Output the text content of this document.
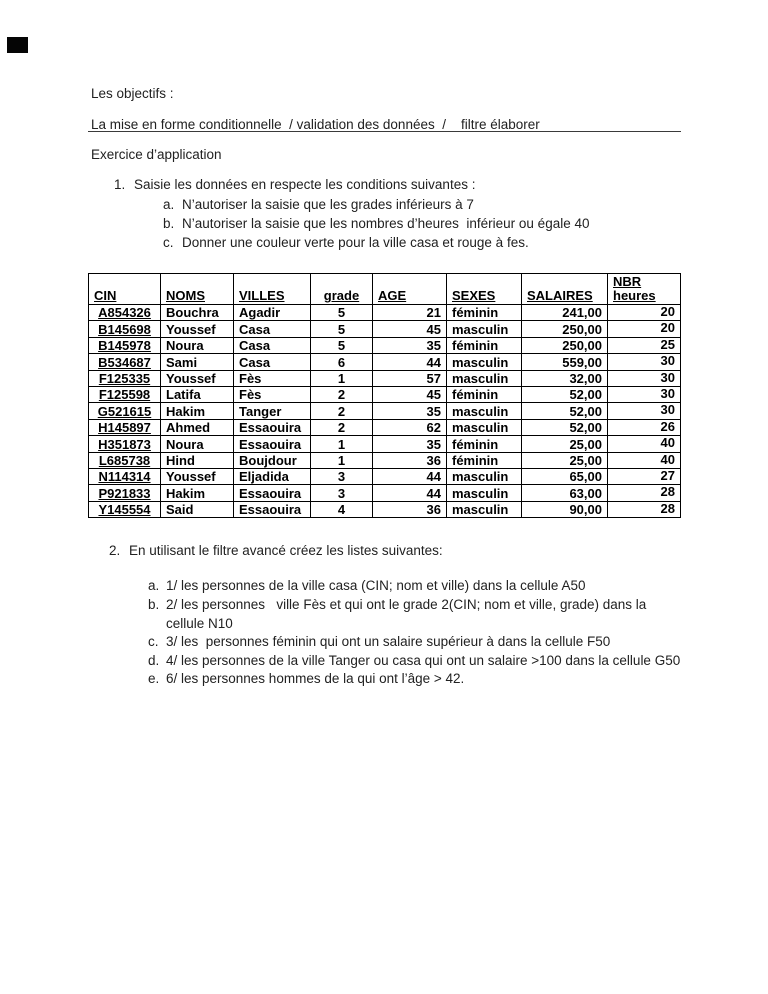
Les objectifs :
La mise en forme conditionnelle  / validation des données  /    filtre élaborer
Exercice d’application
1. Saisie les données en respecte les conditions suivantes :
a. N’autoriser la saisie que les grades inférieurs à 7
b. N’autoriser la saisie que les nombres d’heures  inférieur ou égale 40
c. Donner une couleur verte pour la ville casa et rouge à fes.
CIN	NOMS	VILLES	grade	AGE	SEXES	SALAIRES	NBR heures
A854326	Bouchra	Agadir	5	21	féminin	241,00	20
B145698	Youssef	Casa	5	45	masculin	250,00	20
B145978	Noura	Casa	5	35	féminin	250,00	25
B534687	Sami	Casa	6	44	masculin	559,00	30
F125335	Youssef	Fès	1	57	masculin	32,00	30
F125598	Latifa	Fès	2	45	féminin	52,00	30
G521615	Hakim	Tanger	2	35	masculin	52,00	30
H145897	Ahmed	Essaouira	2	62	masculin	52,00	26
H351873	Noura	Essaouira	1	35	féminin	25,00	40
L685738	Hind	Boujdour	1	36	féminin	25,00	40
N114314	Youssef	Eljadida	3	44	masculin	65,00	27
P921833	Hakim	Essaouira	3	44	masculin	63,00	28
Y145554	Said	Essaouira	4	36	masculin	90,00	28
2. En utilisant le filtre avancé créez les listes suivantes:
a. 1/ les personnes de la ville casa (CIN; nom et ville) dans la cellule A50
b. 2/ les personnes   ville Fès et qui ont le grade 2(CIN; nom et ville, grade) dans la
cellule N10
c. 3/ les  personnes féminin qui ont un salaire supérieur à dans la cellule F50
d. 4/ les personnes de la ville Tanger ou casa qui ont un salaire >100 dans la cellule G50
e. 6/ les personnes hommes de la qui ont l’âge > 42.
